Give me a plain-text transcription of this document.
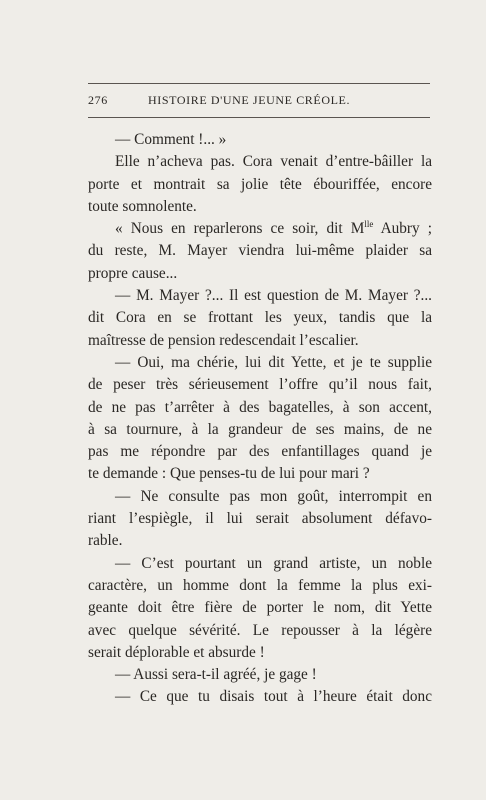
276	HISTOIRE D'UNE JEUNE CRÉOLE.
— Comment !... »
Elle n’acheva pas. Cora venait d’entre-bâiller la
porte et montrait sa jolie tête ébouriffée, encore
toute somnolente.
« Nous en reparlerons ce soir, dit $M^{lle}$ Aubry ;
du reste, M. Mayer viendra lui-même plaider sa
propre cause...
— M. Mayer ?... Il est question de M. Mayer ?...
dit Cora en se frottant les yeux, tandis que la
maîtresse de pension redescendait l’escalier.
— Oui, ma chérie, lui dit Yette, et je te supplie
de peser très sérieusement l’offre qu’il nous fait,
de ne pas t’arrêter à des bagatelles, à son accent,
à sa tournure, à la grandeur de ses mains, de ne
pas me répondre par des enfantillages quand je
te demande : Que penses-tu de lui pour mari ?
— Ne consulte pas mon goût, interrompit en
riant l’espiègle, il lui serait absolument défavo-
rable.
— C’est pourtant un grand artiste, un noble
caractère, un homme dont la femme la plus exi-
geante doit être fière de porter le nom, dit Yette
avec quelque sévérité. Le repousser à la légère
serait déplorable et absurde !
— Aussi sera-t-il agréé, je gage !
— Ce que tu disais tout à l’heure était donc
